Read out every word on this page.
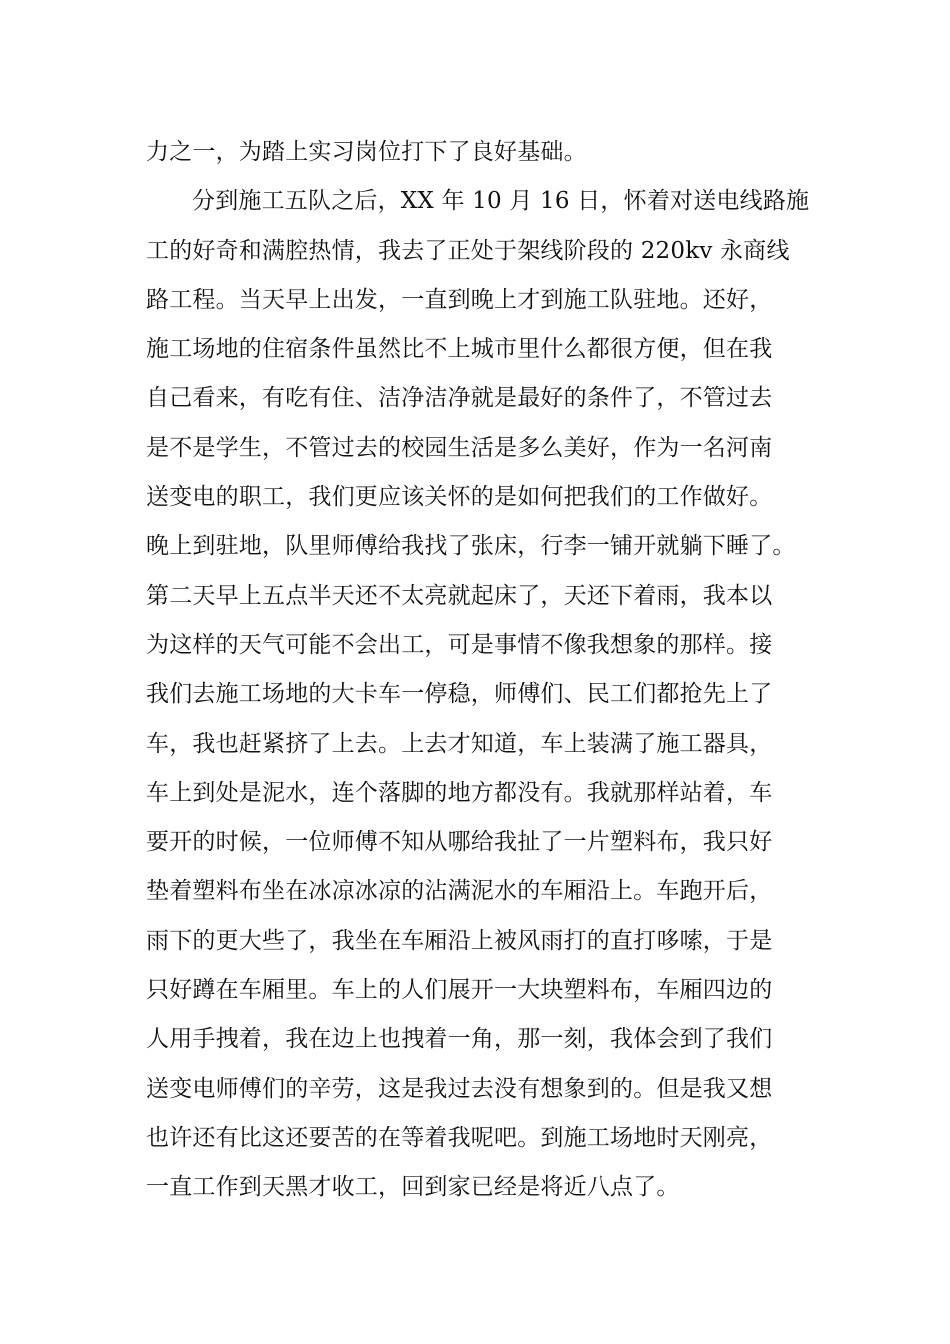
力之一，为踏上实习岗位打下了良好基础。
分到施工五队之后，XX 年 10 月 16 日，怀着对送电线路施
工的好奇和满腔热情，我去了正处于架线阶段的 220kv 永商线
路工程。当天早上出发，一直到晚上才到施工队驻地。还好，
施工场地的住宿条件虽然比不上城市里什么都很方便，但在我
自己看来，有吃有住、洁净洁净就是最好的条件了，不管过去
是不是学生，不管过去的校园生活是多么美好，作为一名河南
送变电的职工，我们更应该关怀的是如何把我们的工作做好。
晚上到驻地，队里师傅给我找了张床，行李一铺开就躺下睡了。
第二天早上五点半天还不太亮就起床了，天还下着雨，我本以
为这样的天气可能不会出工，可是事情不像我想象的那样。接
我们去施工场地的大卡车一停稳，师傅们、民工们都抢先上了
车，我也赶紧挤了上去。上去才知道，车上装满了施工器具，
车上到处是泥水，连个落脚的地方都没有。我就那样站着，车
要开的时候，一位师傅不知从哪给我扯了一片塑料布，我只好
垫着塑料布坐在冰凉冰凉的沾满泥水的车厢沿上。车跑开后，
雨下的更大些了，我坐在车厢沿上被风雨打的直打哆嗦，于是
只好蹲在车厢里。车上的人们展开一大块塑料布，车厢四边的
人用手拽着，我在边上也拽着一角，那一刻，我体会到了我们
送变电师傅们的辛劳，这是我过去没有想象到的。但是我又想
也许还有比这还要苦的在等着我呢吧。到施工场地时天刚亮，
一直工作到天黑才收工，回到家已经是将近八点了。
